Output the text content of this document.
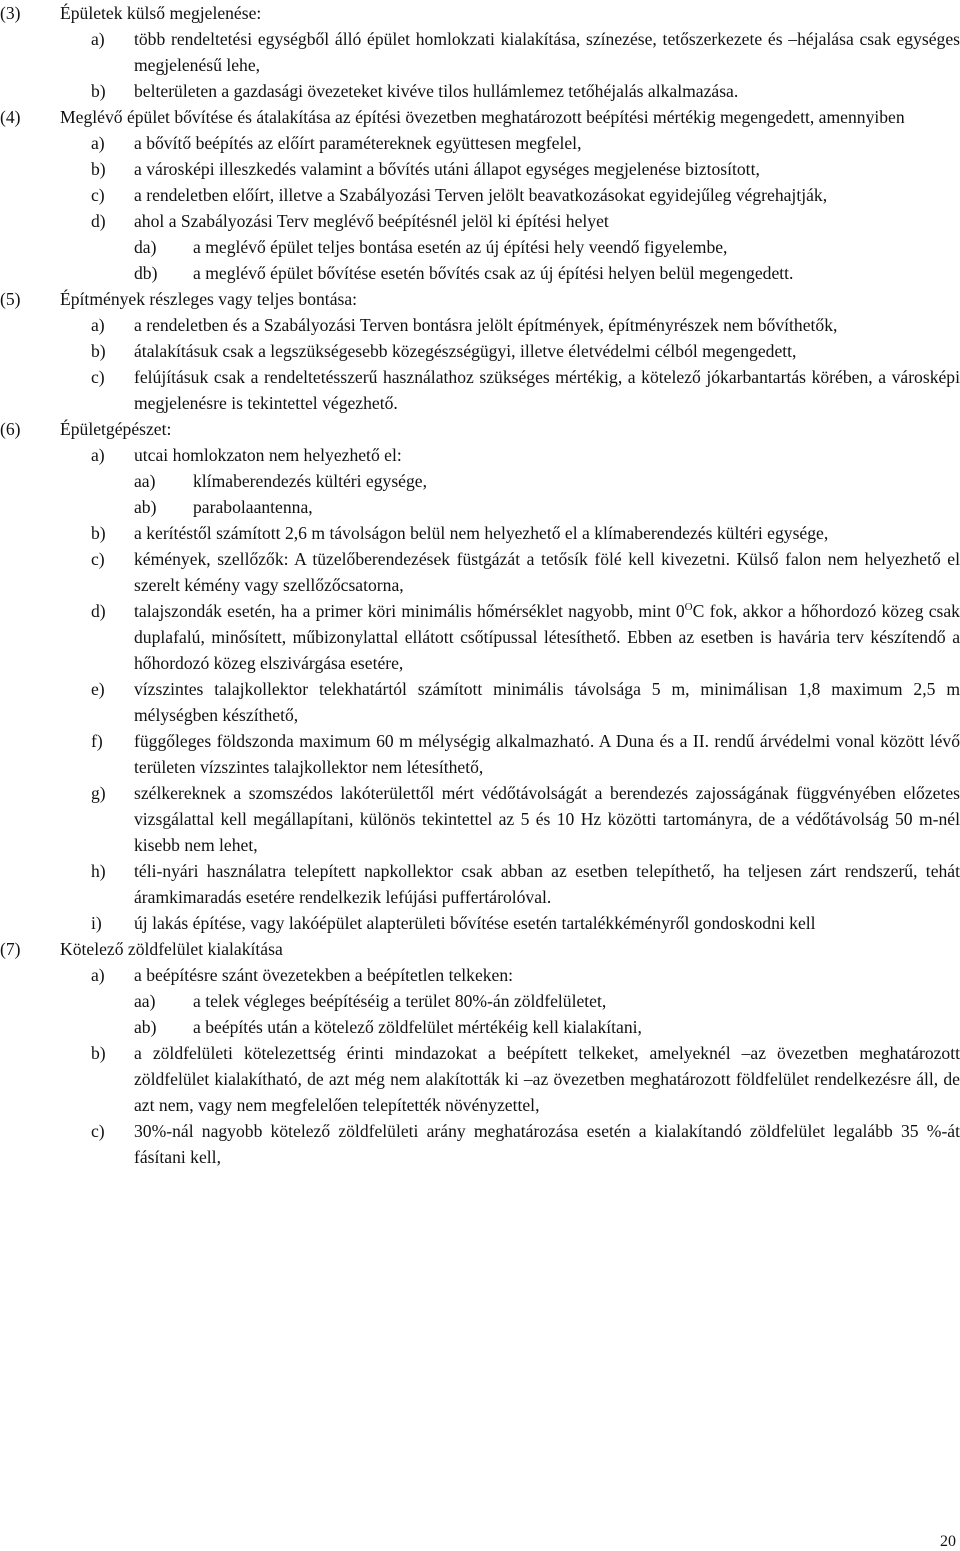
(3) Épületek külső megjelenése:
a) több rendeltetési egységből álló épület homlokzati kialakítása, színezése, tetőszerkezete és –héjalása csak egységes megjelenésű lehe,
b) belterületen a gazdasági övezeteket kivéve tilos hullámlemez tetőhéjalás alkalmazása.
(4) Meglévő épület bővítése és átalakítása az építési övezetben meghatározott beépítési mértékig megengedett, amennyiben
a) a bővítő beépítés az előírt paramétereknek együttesen megfelel,
b) a városképi illeszkedés valamint a bővítés utáni állapot egységes megjelenése biztosított,
c) a rendeletben előírt, illetve a Szabályozási Terven jelölt beavatkozásokat egyidejűleg végrehajtják,
d) ahol a Szabályozási Terv meglévő beépítésnél jelöl ki építési helyet
da) a meglévő épület teljes bontása esetén az új építési hely veendő figyelembe,
db) a meglévő épület bővítése esetén bővítés csak az új építési helyen belül megengedett.
(5) Építmények részleges vagy teljes bontása:
a) a rendeletben és a Szabályozási Terven bontásra jelölt építmények, építményrészek nem bővíthetők,
b) átalakításuk csak a legszükségesebb közegészségügyi, illetve életvédelmi célból megengedett,
c) felújításuk csak a rendeltetésszerű használathoz szükséges mértékig, a kötelező jókarbantartás körében, a városképi megjelenésre is tekintettel végezhető.
(6) Épületgépészet:
a) utcai homlokzaton nem helyezhető el:
aa) klímaberendezés kültéri egysége,
ab) parabolaantenna,
b) a kerítéstől számított 2,6 m távolságon belül nem helyezhető el a klímaberendezés kültéri egysége,
c) kémények, szellőzők: A tüzelőberendezések füstgázát a tetősík fölé kell kivezetni. Külső falon nem helyezhető el szerelt kémény vagy szellőzőcsatorna,
d) talajszondák esetén, ha a primer köri minimális hőmérséklet nagyobb, mint $0^OC$ fok, akkor a hőhordozó közeg csak duplafalú, minősített, műbizonylattal ellátott csőtípussal létesíthető. Ebben az esetben is havária terv készítendő a hőhordozó közeg elszivárgása esetére,
e) vízszintes talajkollektor telekhatártól számított minimális távolsága 5 m, minimálisan 1,8 maximum 2,5 m mélységben készíthető,
f) függőleges földszonda maximum 60 m mélységig alkalmazható. A Duna és a II. rendű árvédelmi vonal között lévő területen vízszintes talajkollektor nem létesíthető,
g) szélkereknek a szomszédos lakóterülettől mért védőtávolságát a berendezés zajosságának függvényében előzetes vizsgálattal kell megállapítani, különös tekintettel az 5 és 10 Hz közötti tartományra, de a védőtávolság 50 m-nél kisebb nem lehet,
h) téli-nyári használatra telepített napkollektor csak abban az esetben telepíthető, ha teljesen zárt rendszerű, tehát áramkimaradás esetére rendelkezik lefújási puffertárolóval.
i) új lakás építése, vagy lakóépület alapterületi bővítése esetén tartalékkéményről gondoskodni kell
(7) Kötelező zöldfelület kialakítása
a) a beépítésre szánt övezetekben a beépítetlen telkeken:
aa) a telek végleges beépítéséig a terület 80%-án zöldfelületet,
ab) a beépítés után a kötelező zöldfelület mértékéig kell kialakítani,
b) a zöldfelületi kötelezettség érinti mindazokat a beépített telkeket, amelyeknél –az övezetben meghatározott zöldfelület kialakítható, de azt még nem alakították ki –az övezetben meghatározott földfelület rendelkezésre áll, de azt nem, vagy nem megfelelően telepítették növényzettel,
c) 30%-nál nagyobb kötelező zöldfelületi arány meghatározása esetén a kialakítandó zöldfelület legalább 35 %-át fásítani kell,
20
